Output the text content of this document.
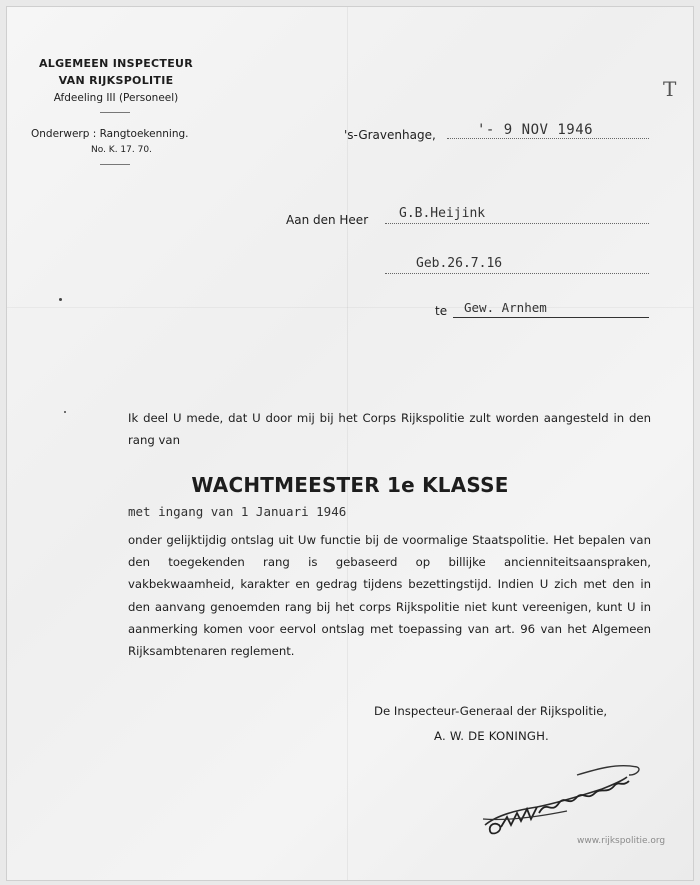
ALGEMEEN INSPECTEUR
VAN RIJKSPOLITIE
Afdeeling III (Personeel)
Onderwerp : Rangtoekenning.
No. K. 17. 70.
T
's-Gravenhage,	'- 9 NOV 1946
Aan den Heer G.B.Heijink
Geb.26.7.16
te Gew. Arnhem
Ik deel U mede, dat U door mij bij het Corps Rijkspolitie zult worden aangesteld in den rang van
WACHTMEESTER 1e KLASSE
met ingang van 1 Januari 1946
onder gelijktijdig ontslag uit Uw functie bij de voormalige Staatspolitie. Het bepalen van den toegekenden rang is gebaseerd op billijke ancienniteitsaanspraken, vakbekwaamheid, karakter en gedrag tijdens bezettingstijd. Indien U zich met den in den aanvang genoemden rang bij het corps Rijkspolitie niet kunt vereenigen, kunt U in aanmerking komen voor eervol ontslag met toepassing van art. 96 van het Algemeen Rijksambtenaren reglement.
De Inspecteur-Generaal der Rijkspolitie,
A. W. DE KONINGH.
www.rijkspolitie.org
